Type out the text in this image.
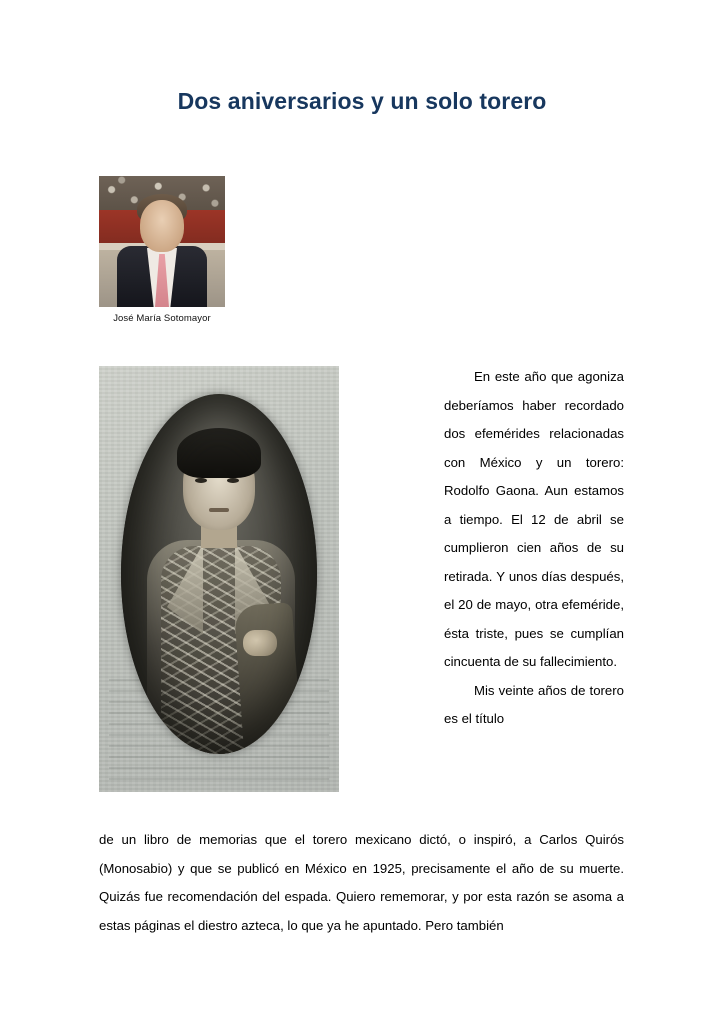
Dos aniversarios y un solo torero
José María Sotomayor

En este año que agoniza deberíamos haber recordado dos efemérides relacionadas con México y un torero: Rodolfo Gaona. Aun estamos a tiempo. El 12 de abril se cumplieron cien años de su retirada. Y unos días después, el 20 de mayo, otra efeméride, ésta triste, pues se cumplían cincuenta de su fallecimiento.

Mis veinte años de torero es el título

de un libro de memorias que el torero mexicano dictó, o inspiró, a Carlos Quirós (Monosabio) y que se publicó en México en 1925, precisamente el año de su muerte. Quizás fue recomendación del espada. Quiero rememorar, y por esta razón se asoma a estas páginas el diestro azteca, lo que ya he apuntado. Pero también
